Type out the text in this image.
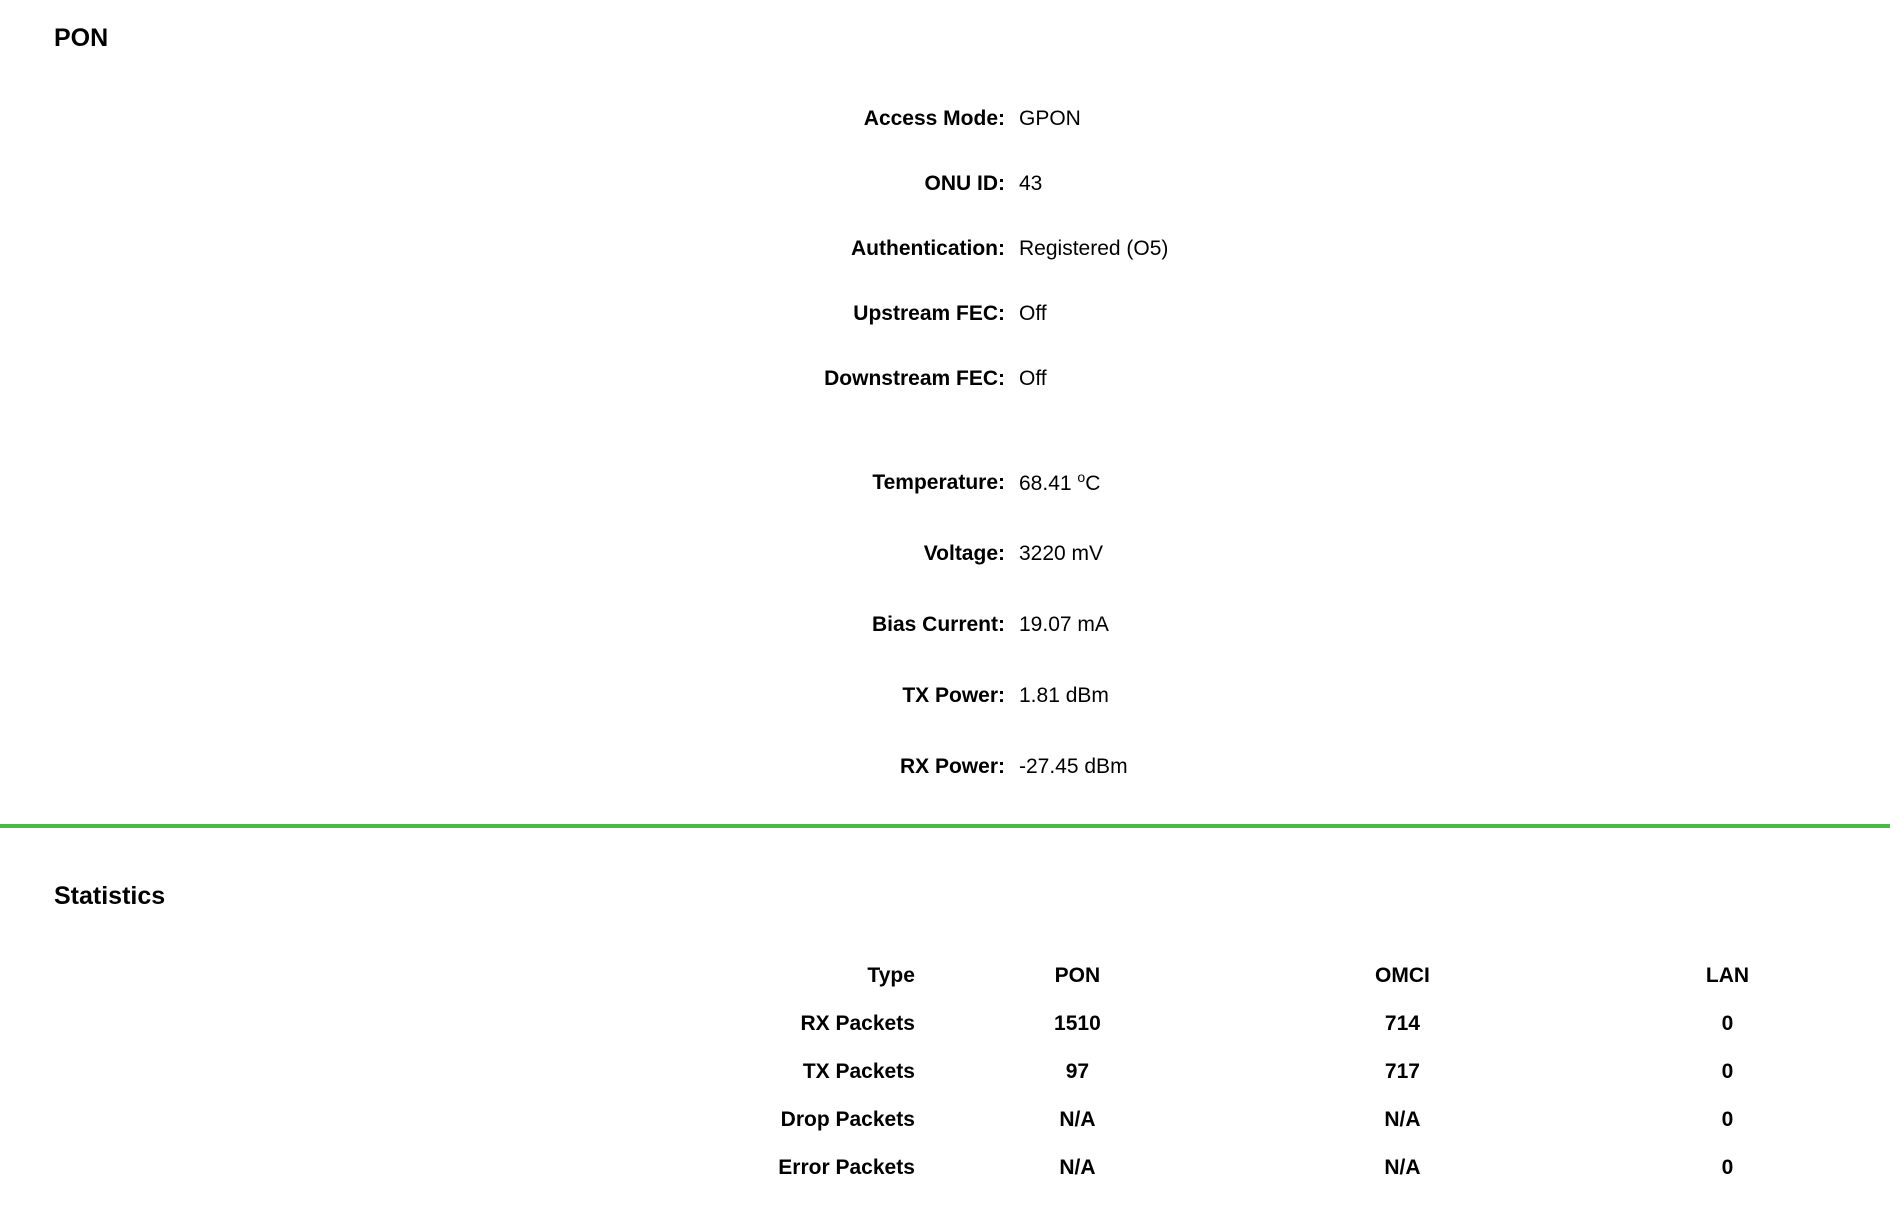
PON
Access Mode:	GPON
ONU ID:	43
Authentication:	Registered (O5)
Upstream FEC:	Off
Downstream FEC:	Off

Temperature:	68.41 $^o$C
Voltage:	3220 mV
Bias Current:	19.07 mA
TX Power:	1.81 dBm
RX Power:	-27.45 dBm
Statistics
Type	PON	OMCI	LAN
RX Packets	1510	714	0
TX Packets	97	717	0
Drop Packets	N/A	N/A	0
Error Packets	N/A	N/A	0
